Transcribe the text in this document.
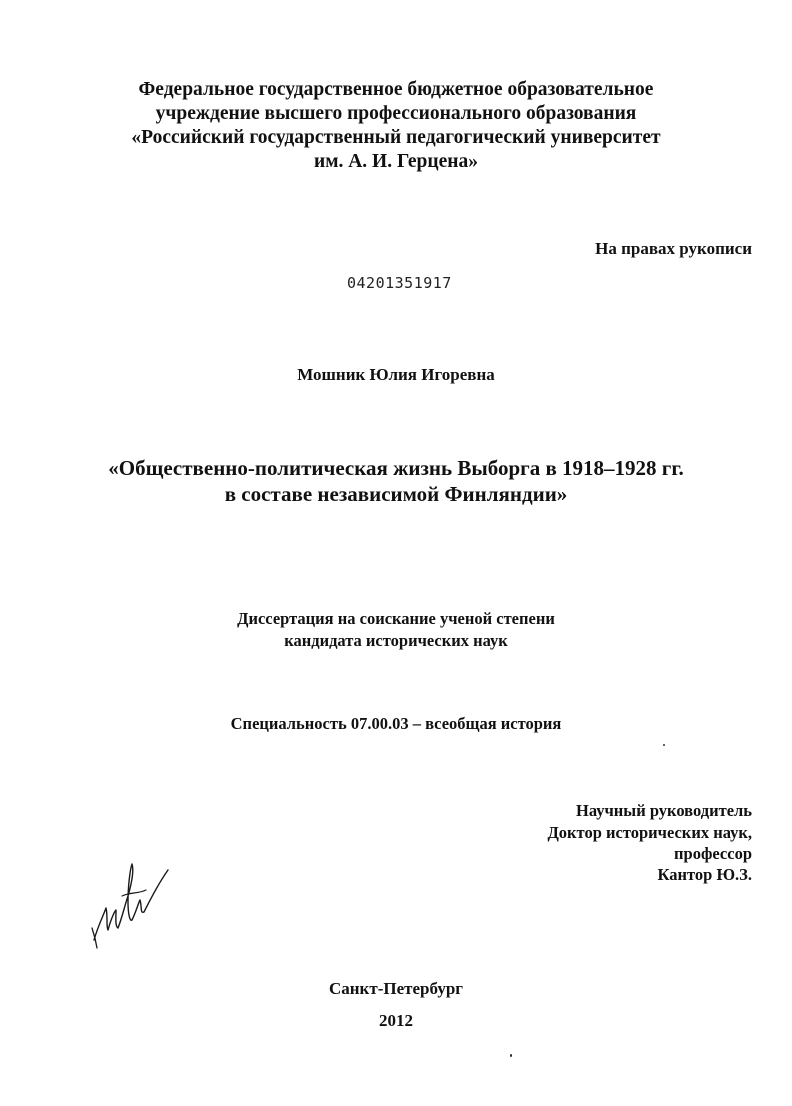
Федеральное государственное бюджетное образовательное
учреждение высшего профессионального образования
«Российский государственный педагогический университет
им. А. И. Герцена»
На правах рукописи
04201351917
Мошник Юлия Игоревна
«Общественно-политическая жизнь Выборга в 1918–1928 гг.
в составе независимой Финляндии»
Диссертация на соискание ученой степени
кандидата исторических наук
Специальность 07.00.03 – всеобщая история
Научный руководитель
Доктор исторических наук,
профессор
Кантор Ю.З.
Санкт-Петербург
2012
